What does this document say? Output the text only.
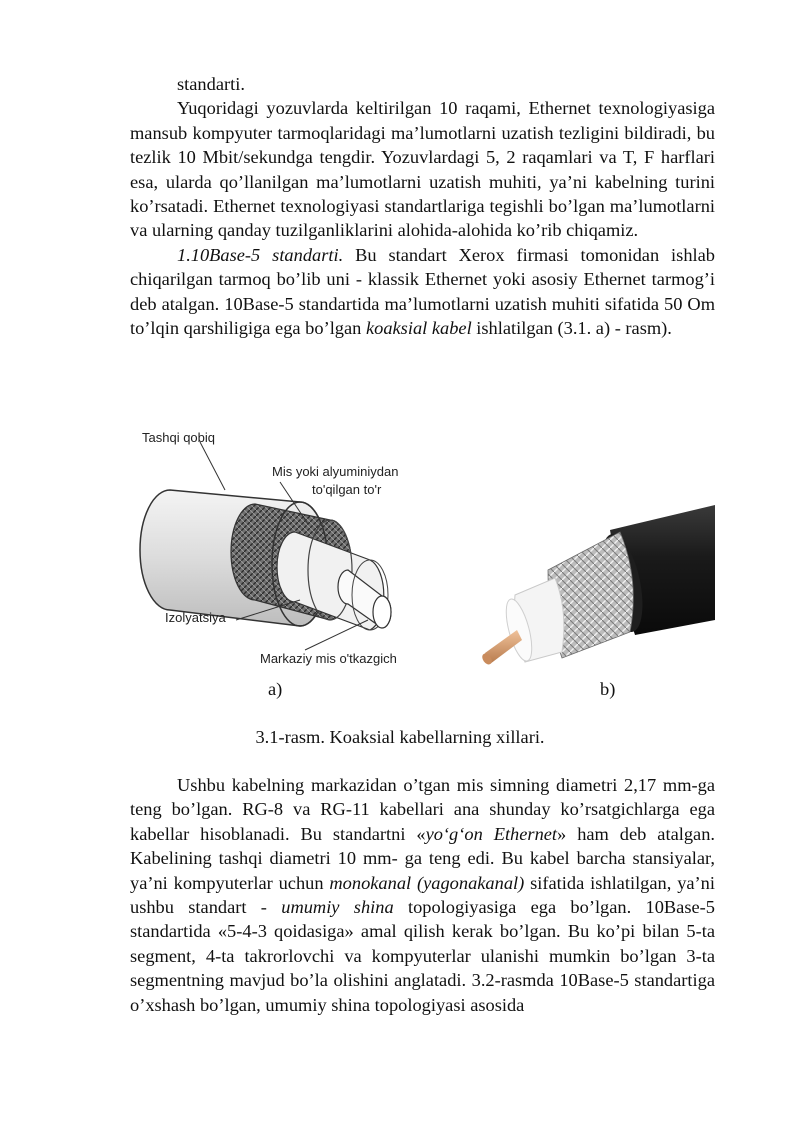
standarti.

Yuqoridagi yozuvlarda keltirilgan 10 raqami, Ethernet texnologiyasiga mansub kompyuter tarmoqlaridagi ma’lumotlarni uzatish tezligini bildiradi, bu tezlik 10 Mbit/sekundga tengdir. Yozuvlardagi 5, 2 raqamlari va T, F harflari esa, ularda qo’llanilgan ma’lumotlarni uzatish muhiti, ya’ni kabelning turini ko’rsatadi. Ethernet texnologiyasi standartlariga tegishli bo’lgan ma’lumotlarni va ularning qanday tuzilganliklarini alohida-alohida ko’rib chiqamiz.

1.10Base-5 standarti. Bu standart Xerox firmasi tomonidan ishlab chiqarilgan tarmoq bo’lib uni - klassik Ethernet yoki asosiy Ethernet tarmog’i deb atalgan. 10Base-5 standartida ma’lumotlarni uzatish muhiti sifatida 50 Om to’lqin qarshiligiga ega bo’lgan koaksial kabel ishlatilgan (3.1. a) - rasm).

Tashqi qobiq
Mis yoki alyuminiydan
to'qilgan to'r
Izolyatsiya
Markaziy mis o'tkazgich
a)	b)
3.1-rasm. Koaksial kabellarning xillari.

Ushbu kabelning markazidan o’tgan mis simning diametri 2,17 mm-ga teng bo’lgan. RG-8 va RG-11 kabellari ana shunday ko’rsatgichlarga ega kabellar hisoblanadi. Bu standartni «yo‘g‘on Ethernet» ham deb atalgan. Kabelining tashqi diametri 10 mm- ga teng edi. Bu kabel barcha stansiyalar, ya’ni kompyuterlar uchun monokanal (yagonakanal) sifatida ishlatilgan, ya’ni ushbu standart - umumiy shina topologiyasiga ega bo’lgan. 10Base-5 standartida «5-4-3 qoidasiga» amal qilish kerak bo’lgan. Bu ko’pi bilan 5-ta segment, 4-ta takrorlovchi va kompyuterlar ulanishi mumkin bo’lgan 3-ta segmentning mavjud bo’la olishini anglatadi. 3.2-rasmda 10Base-5 standartiga o’xshash bo’lgan, umumiy shina topologiyasi asosida
